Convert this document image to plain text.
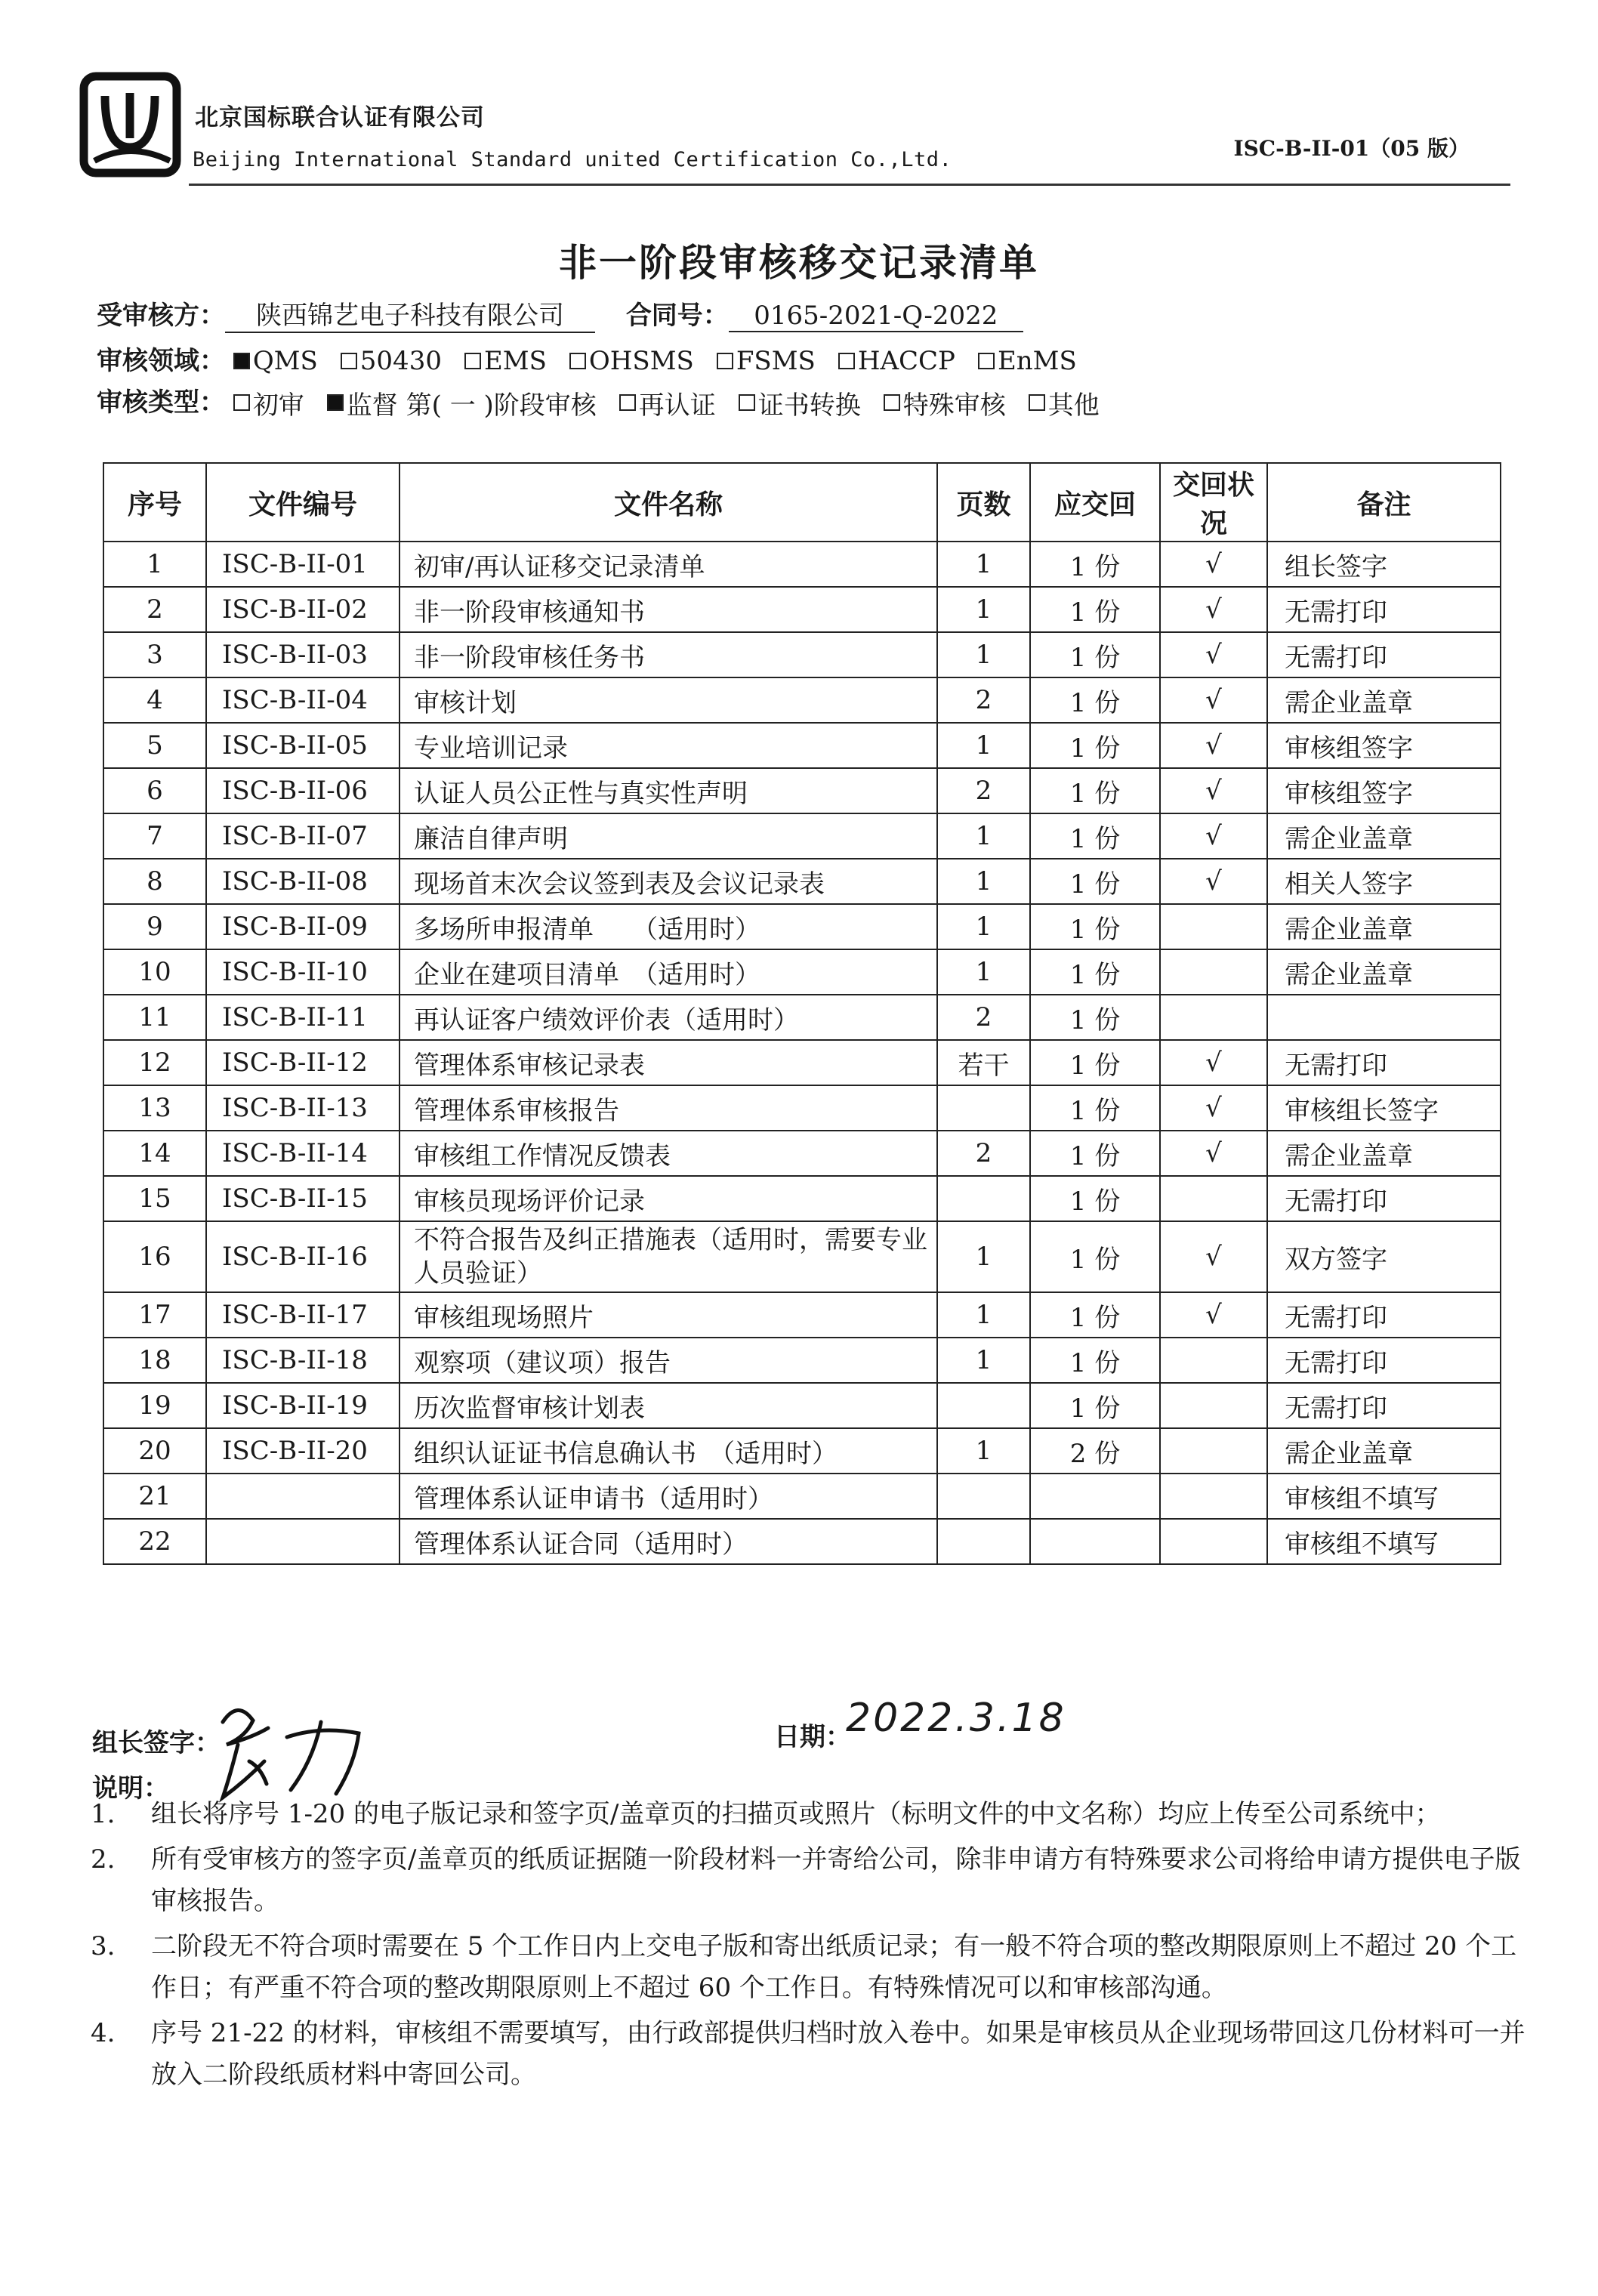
北京国标联合认证有限公司
Beijing International Standard united Certification Co.,Ltd.	ISC-B-II-01（05 版）
非一阶段审核移交记录清单
受审核方： 陕西锦艺电子科技有限公司 合同号： 0165-2021-Q-2022
审核领域： QMS 50430 EMS OHSMS FSMS HACCP EnMS
审核类型： 初审 监督 第( 一 )阶段审核 再认证 证书转换 特殊审核 其他
序号	文件编号	文件名称	页数	应交回	交回状况	备注
1	ISC-B-II-01	初审/再认证移交记录清单	1	1 份	√	组长签字
2	ISC-B-II-02	非一阶段审核通知书	1	1 份	√	无需打印
3	ISC-B-II-03	非一阶段审核任务书	1	1 份	√	无需打印
4	ISC-B-II-04	审核计划	2	1 份	√	需企业盖章
5	ISC-B-II-05	专业培训记录	1	1 份	√	审核组签字
6	ISC-B-II-06	认证人员公正性与真实性声明	2	1 份	√	审核组签字
7	ISC-B-II-07	廉洁自律声明	1	1 份	√	需企业盖章
8	ISC-B-II-08	现场首末次会议签到表及会议记录表	1	1 份	√	相关人签字
9	ISC-B-II-09	多场所申报清单　　（适用时）	1	1 份		需企业盖章
10	ISC-B-II-10	企业在建项目清单　（适用时）	1	1 份		需企业盖章
11	ISC-B-II-11	再认证客户绩效评价表（适用时）	2	1 份		
12	ISC-B-II-12	管理体系审核记录表	若干	1 份	√	无需打印
13	ISC-B-II-13	管理体系审核报告		1 份	√	审核组长签字
14	ISC-B-II-14	审核组工作情况反馈表	2	1 份	√	需企业盖章
15	ISC-B-II-15	审核员现场评价记录		1 份		无需打印
16	ISC-B-II-16	不符合报告及纠正措施表（适用时，需要专业人员验证）	1	1 份	√	双方签字
17	ISC-B-II-17	审核组现场照片	1	1 份	√	无需打印
18	ISC-B-II-18	观察项（建议项）报告	1	1 份		无需打印
19	ISC-B-II-19	历次监督审核计划表		1 份		无需打印
20	ISC-B-II-20	组织认证证书信息确认书　（适用时）	1	2 份		需企业盖章
21		管理体系认证申请书（适用时）				审核组不填写
22		管理体系认证合同（适用时）				审核组不填写
组长签字：	日期：
2022.3.18
说明：
1.	组长将序号 1-20 的电子版记录和签字页/盖章页的扫描页或照片（标明文件的中文名称）均应上传至公司系统中；
2.	所有受审核方的签字页/盖章页的纸质证据随一阶段材料一并寄给公司，除非申请方有特殊要求公司将给申请方提供电子版审核报告。
3.	二阶段无不符合项时需要在 5 个工作日内上交电子版和寄出纸质记录；有一般不符合项的整改期限原则上不超过 20 个工作日；有严重不符合项的整改期限原则上不超过 60 个工作日。有特殊情况可以和审核部沟通。
4.	序号 21-22 的材料，审核组不需要填写，由行政部提供归档时放入卷中。如果是审核员从企业现场带回这几份材料可一并放入二阶段纸质材料中寄回公司。
